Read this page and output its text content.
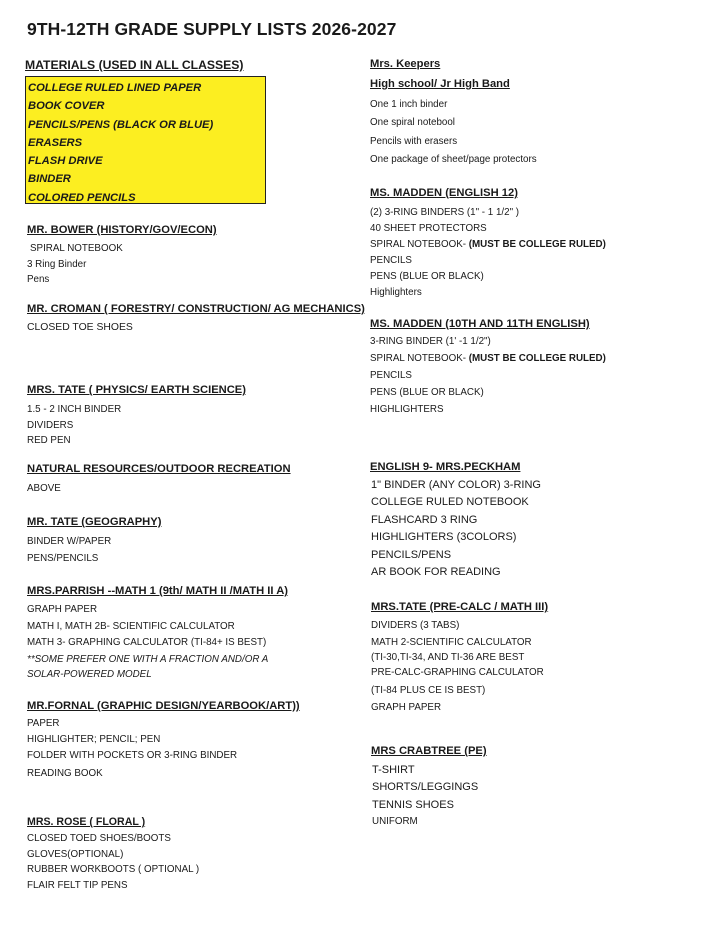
9TH-12TH GRADE SUPPLY LISTS 2026-2027
MATERIALS (USED IN ALL CLASSES)
COLLEGE RULED LINED PAPER
BOOK COVER
PENCILS/PENS (BLACK OR BLUE)
ERASERS
FLASH DRIVE
BINDER
COLORED PENCILS
MR. BOWER (HISTORY/GOV/ECON)
SPIRAL NOTEBOOK
3 Ring Binder
Pens
MR. CROMAN ( FORESTRY/ CONSTRUCTION/ AG MECHANICS)
CLOSED TOE SHOES
MRS. TATE ( PHYSICS/ EARTH SCIENCE)
1.5 - 2 INCH BINDER
DIVIDERS
RED PEN
NATURAL RESOURCES/OUTDOOR RECREATION
ABOVE
MR. TATE (GEOGRAPHY)
BINDER W/PAPER
PENS/PENCILS
MRS.PARRISH --MATH 1 (9th/ MATH II /MATH II A)
GRAPH PAPER
MATH I, MATH 2B- SCIENTIFIC CALCULATOR
MATH 3- GRAPHING CALCULATOR (TI-84+ IS BEST)
**SOME PREFER ONE WITH A FRACTION AND/OR A
SOLAR-POWERED MODEL
MR.FORNAL (GRAPHIC DESIGN/YEARBOOK/ART))
PAPER
HIGHLIGHTER; PENCIL; PEN
FOLDER WITH POCKETS OR 3-RING BINDER
READING BOOK
MRS. ROSE ( FLORAL )
CLOSED TOED SHOES/BOOTS
GLOVES(OPTIONAL)
RUBBER WORKBOOTS ( OPTIONAL )
FLAIR FELT TIP PENS
Mrs. Keepers
High school/ Jr High Band
One 1 inch binder
One spiral notebool
Pencils with erasers
One package of sheet/page protectors
MS. MADDEN (ENGLISH 12)
(2) 3-RING BINDERS (1" - 1 1/2" )
40 SHEET PROTECTORS
SPIRAL NOTEBOOK- (MUST BE COLLEGE RULED)
PENCILS
PENS (BLUE OR BLACK)
Highlighters
MS. MADDEN (10TH AND 11TH ENGLISH)
3-RING BINDER (1' -1 1/2")
SPIRAL NOTEBOOK- (MUST BE COLLEGE RULED)
PENCILS
PENS (BLUE OR BLACK)
HIGHLIGHTERS
ENGLISH 9- MRS.PECKHAM
1" BINDER (ANY COLOR) 3-RING
COLLEGE RULED NOTEBOOK
FLASHCARD 3 RING
HIGHLIGHTERS (3COLORS)
PENCILS/PENS
AR BOOK FOR READING
MRS.TATE (PRE-CALC / MATH III)
DIVIDERS (3 TABS)
MATH 2-SCIENTIFIC CALCULATOR
(TI-30,TI-34, AND TI-36 ARE BEST
PRE-CALC-GRAPHING CALCULATOR
(TI-84 PLUS CE IS BEST)
GRAPH PAPER
MRS CRABTREE (PE)
T-SHIRT
SHORTS/LEGGINGS
TENNIS SHOES
UNIFORM
